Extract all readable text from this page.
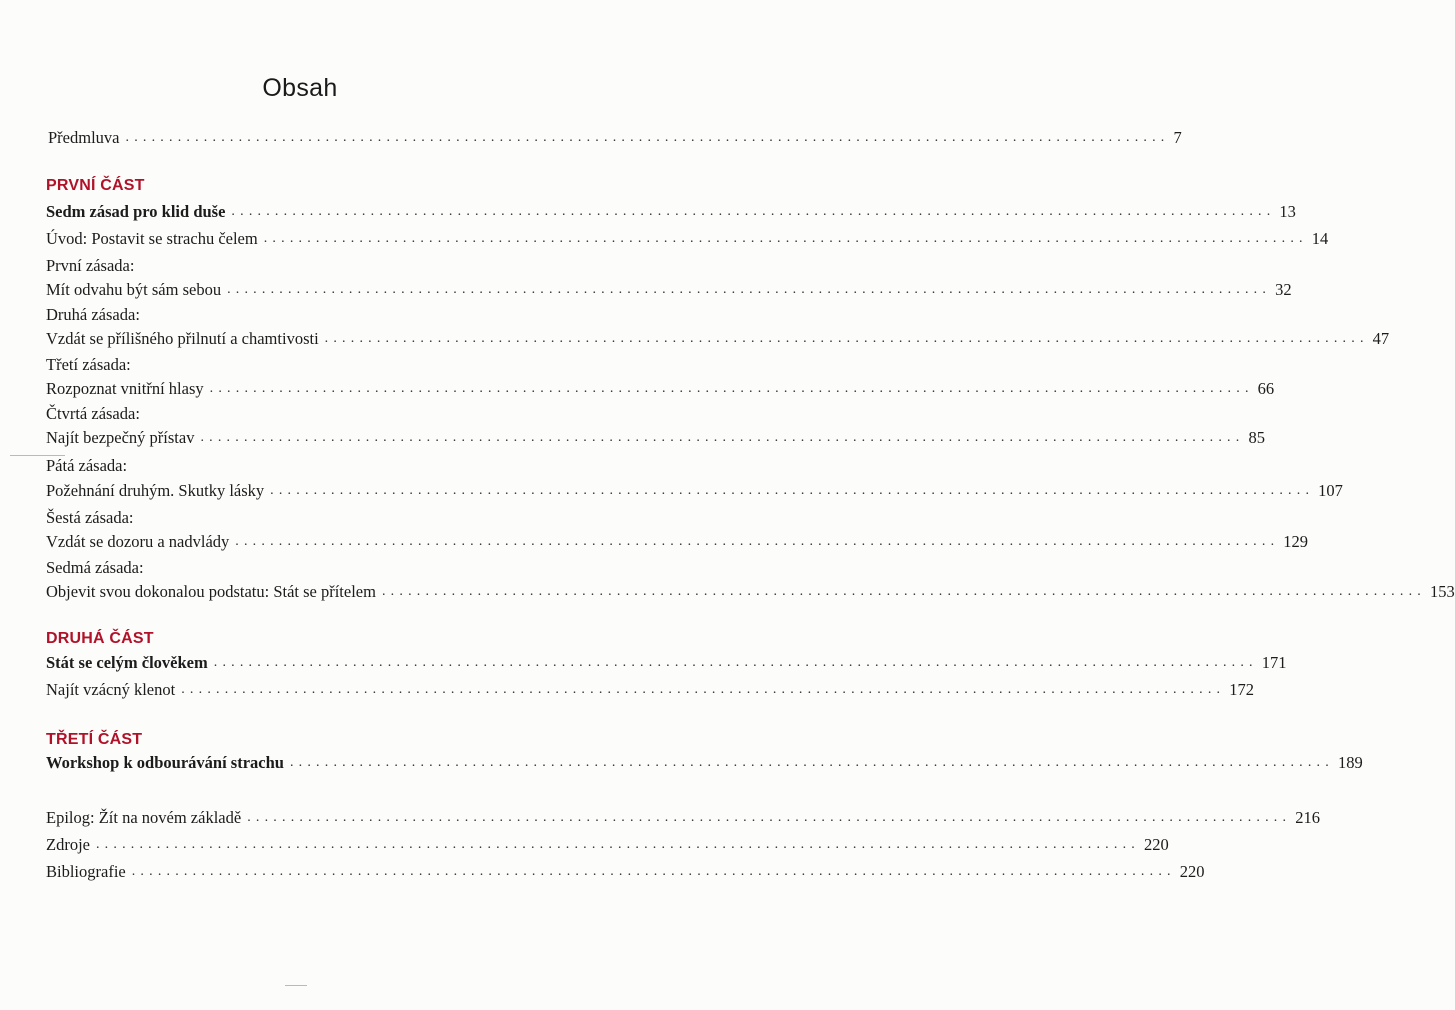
Obsah
Předmluva ........................................................................................................................ 7
PRVNÍ ČÁST
Sedm zásad pro klid duše ........................................................................................................................ 13
Úvod: Postavit se strachu čelem ........................................................................................................................ 14
První zásada:
Mít odvahu být sám sebou ........................................................................................................................ 32
Druhá zásada:
Vzdát se přílišného přilnutí a chamtivosti ........................................................................................................................ 47
Třetí zásada:
Rozpoznat vnitřní hlasy ........................................................................................................................ 66
Čtvrtá zásada:
Najít bezpečný přístav ........................................................................................................................ 85
Pátá zásada:
Požehnání druhým. Skutky lásky ........................................................................................................................ 107
Šestá zásada:
Vzdát se dozoru a nadvlády ........................................................................................................................ 129
Sedmá zásada:
Objevit svou dokonalou podstatu: Stát se přítelem ........................................................................................................................ 153
DRUHÁ ČÁST
Stát se celým člověkem ........................................................................................................................ 171
Najít vzácný klenot ........................................................................................................................ 172
TŘETÍ ČÁST
Workshop k odbourávání strachu ........................................................................................................................ 189
Epilog: Žít na novém základě ........................................................................................................................ 216
Zdroje ........................................................................................................................ 220
Bibliografie ........................................................................................................................ 220
